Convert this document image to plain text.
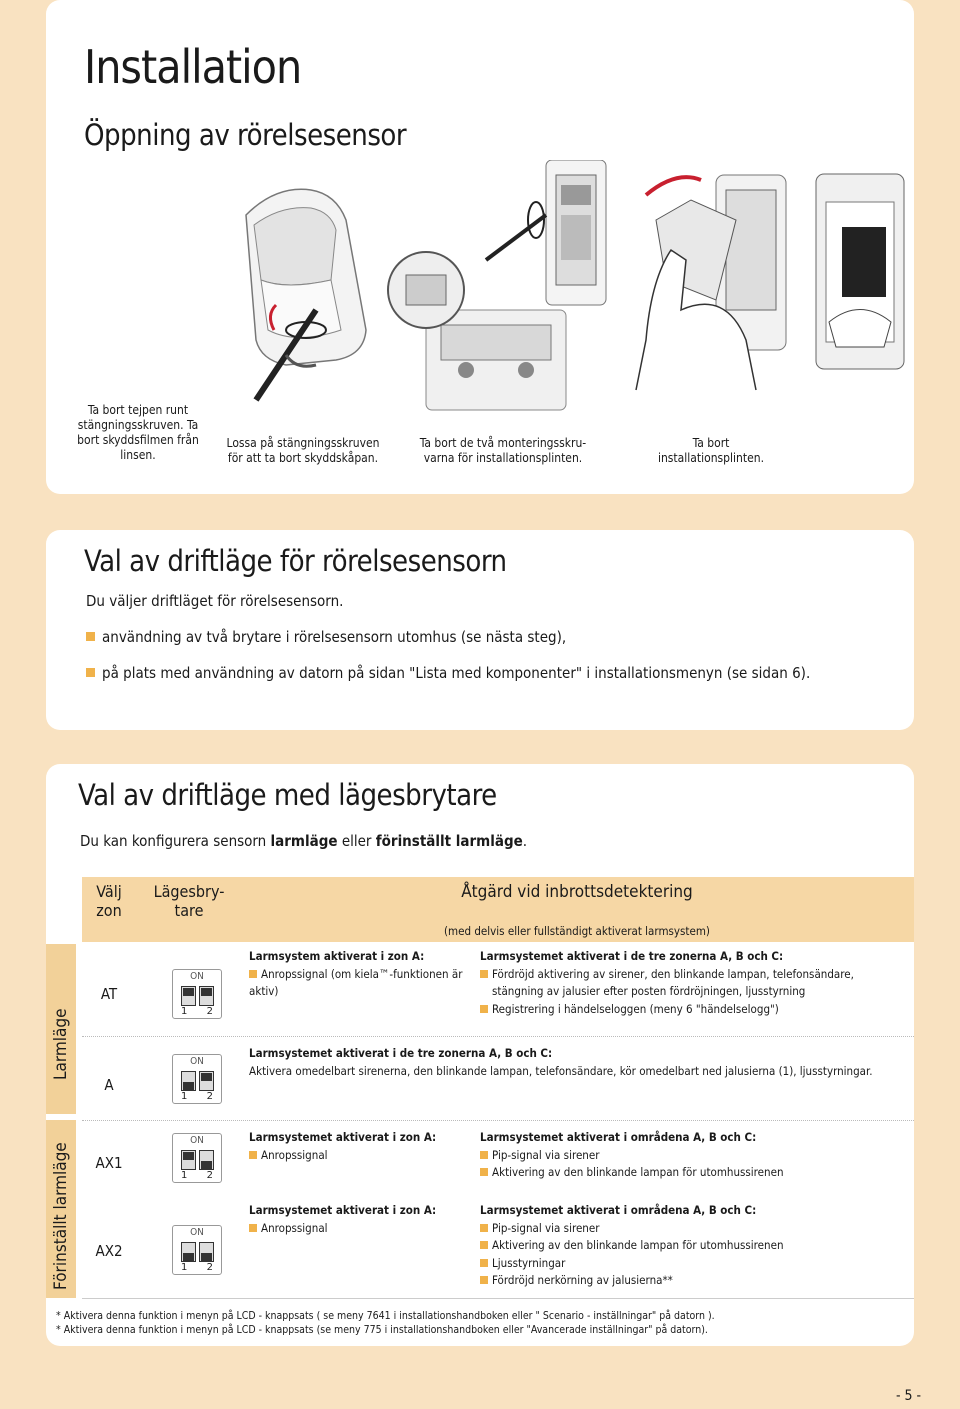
Installation
Öppning av rörelsesensor
Ta bort tejpen runt stängningsskruven. Ta bort skyddsfilmen från linsen.
Lossa på stängningsskruven för att ta bort skyddskåpan.
Ta bort de två monteringsskru-varna för installationsplinten.
Ta bort installationsplinten.
Val av driftläge för rörelsesensorn
Du väljer driftläget för rörelsesensorn.
användning av två brytare i rörelsesensorn utomhus (se nästa steg),
på plats med användning av datorn på sidan "Lista med komponenter" i installationsmenyn (se sidan 6).
Val av driftläge med lägesbrytare
Du kan konfigurera sensorn larmläge eller förinställt larmläge.
Välj zon
Lägesbry-tare
Åtgärd vid inbrottsdetektering
(med delvis eller fullständigt aktiverat larmsystem)
Larmläge
Förinställt larmläge
AT
ON
1 2
Larmsystem aktiverat i zon A:
Anropssignal (om kiela™-funktionen är aktiv)
Larmsystemet aktiverat i de tre zonerna A, B och C:
Fördröjd aktivering av sirener, den blinkande lampan, telefonsändare, stängning av jalusier efter posten fördröjningen, ljusstyrning
Registrering i händelseloggen (meny 6 "händelselogg")
A
ON
1 2
Larmsystemet aktiverat i de tre zonerna A, B och C:
Aktivera omedelbart sirenerna, den blinkande lampan, telefonsändare, kör omedelbart ned jalusierna (1), ljusstyrningar.
AX1
ON
1 2
Larmsystemet aktiverat i zon A:
Anropssignal
Larmsystemet aktiverat i områdena A, B och C:
Pip-signal via sirener
Aktivering av den blinkande lampan för utomhussirenen
AX2
ON
1 2
Larmsystemet aktiverat i zon A:
Anropssignal
Larmsystemet aktiverat i områdena A, B och C:
Pip-signal via sirener
Aktivering av den blinkande lampan för utomhussirenen
Ljusstyrningar
Fördröjd nerkörning av jalusierna**
* Aktivera denna funktion i menyn på LCD - knappsats ( se meny 7641 i installationshandboken eller " Scenario - inställningar" på datorn ).
* Aktivera denna funktion i menyn på LCD - knappsats (se meny 775 i installationshandboken eller "Avancerade inställningar" på datorn).
- 5 -
